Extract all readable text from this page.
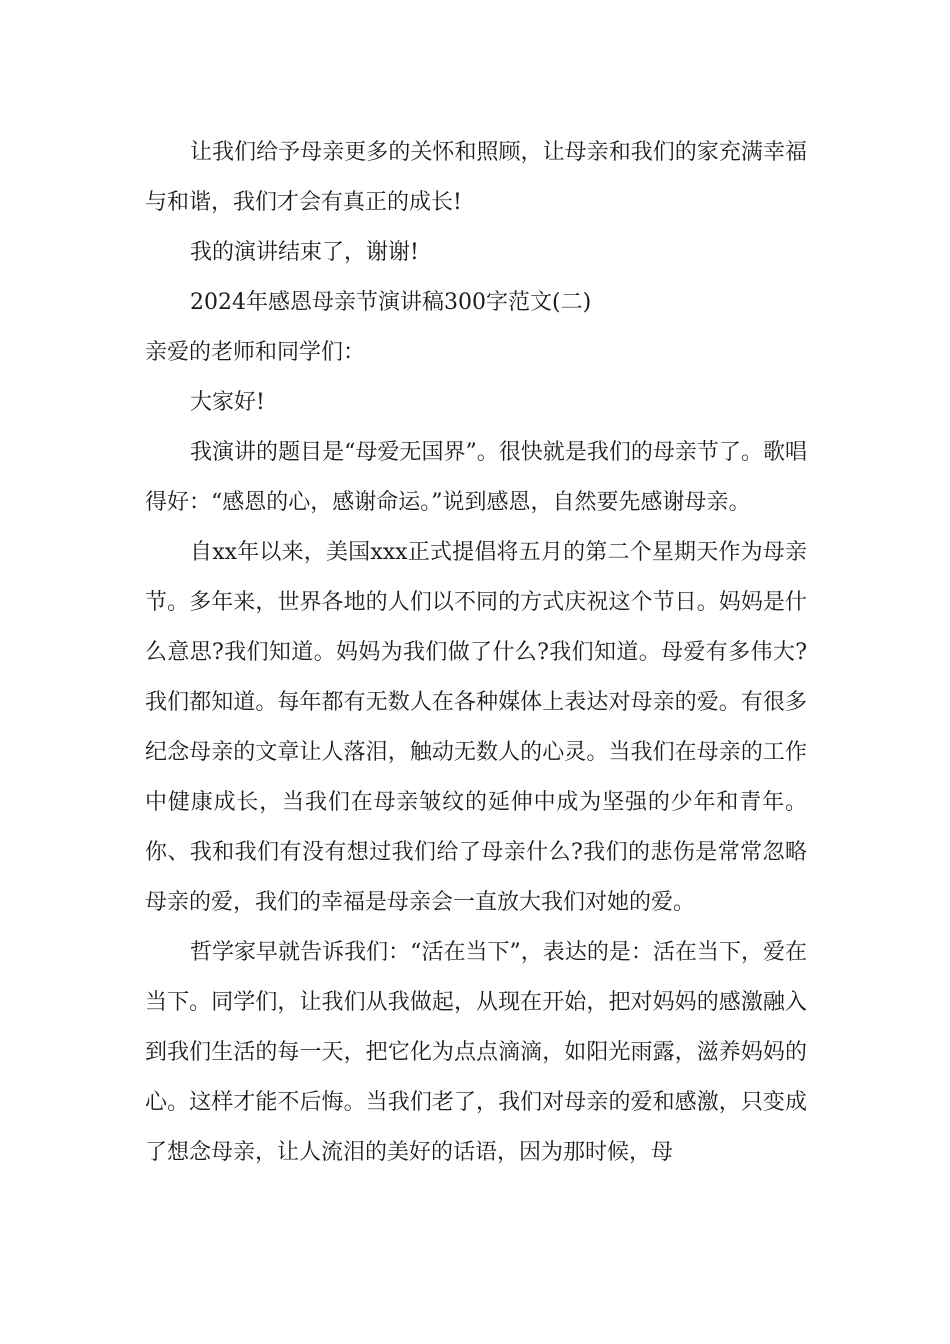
让我们给予母亲更多的关怀和照顾，让母亲和我们的家充满幸福与和谐，我们才会有真正的成长!

我的演讲结束了，谢谢!

2024年感恩母亲节演讲稿300字范文(二)

亲爱的老师和同学们：

大家好!

我演讲的题目是“母爱无国界”。很快就是我们的母亲节了。歌唱得好：“感恩的心，感谢命运。”说到感恩，自然要先感谢母亲。

自xx年以来，美国xxx正式提倡将五月的第二个星期天作为母亲节。多年来，世界各地的人们以不同的方式庆祝这个节日。妈妈是什么意思?我们知道。妈妈为我们做了什么?我们知道。母爱有多伟大?我们都知道。每年都有无数人在各种媒体上表达对母亲的爱。有很多纪念母亲的文章让人落泪，触动无数人的心灵。当我们在母亲的工作中健康成长，当我们在母亲皱纹的延伸中成为坚强的少年和青年。你、我和我们有没有想过我们给了母亲什么?我们的悲伤是常常忽略母亲的爱，我们的幸福是母亲会一直放大我们对她的爱。

哲学家早就告诉我们：“活在当下”，表达的是：活在当下，爱在当下。同学们，让我们从我做起，从现在开始，把对妈妈的感激融入到我们生活的每一天，把它化为点点滴滴，如阳光雨露，滋养妈妈的心。这样才能不后悔。当我们老了，我们对母亲的爱和感激，只变成了想念母亲，让人流泪的美好的话语，因为那时候，母
